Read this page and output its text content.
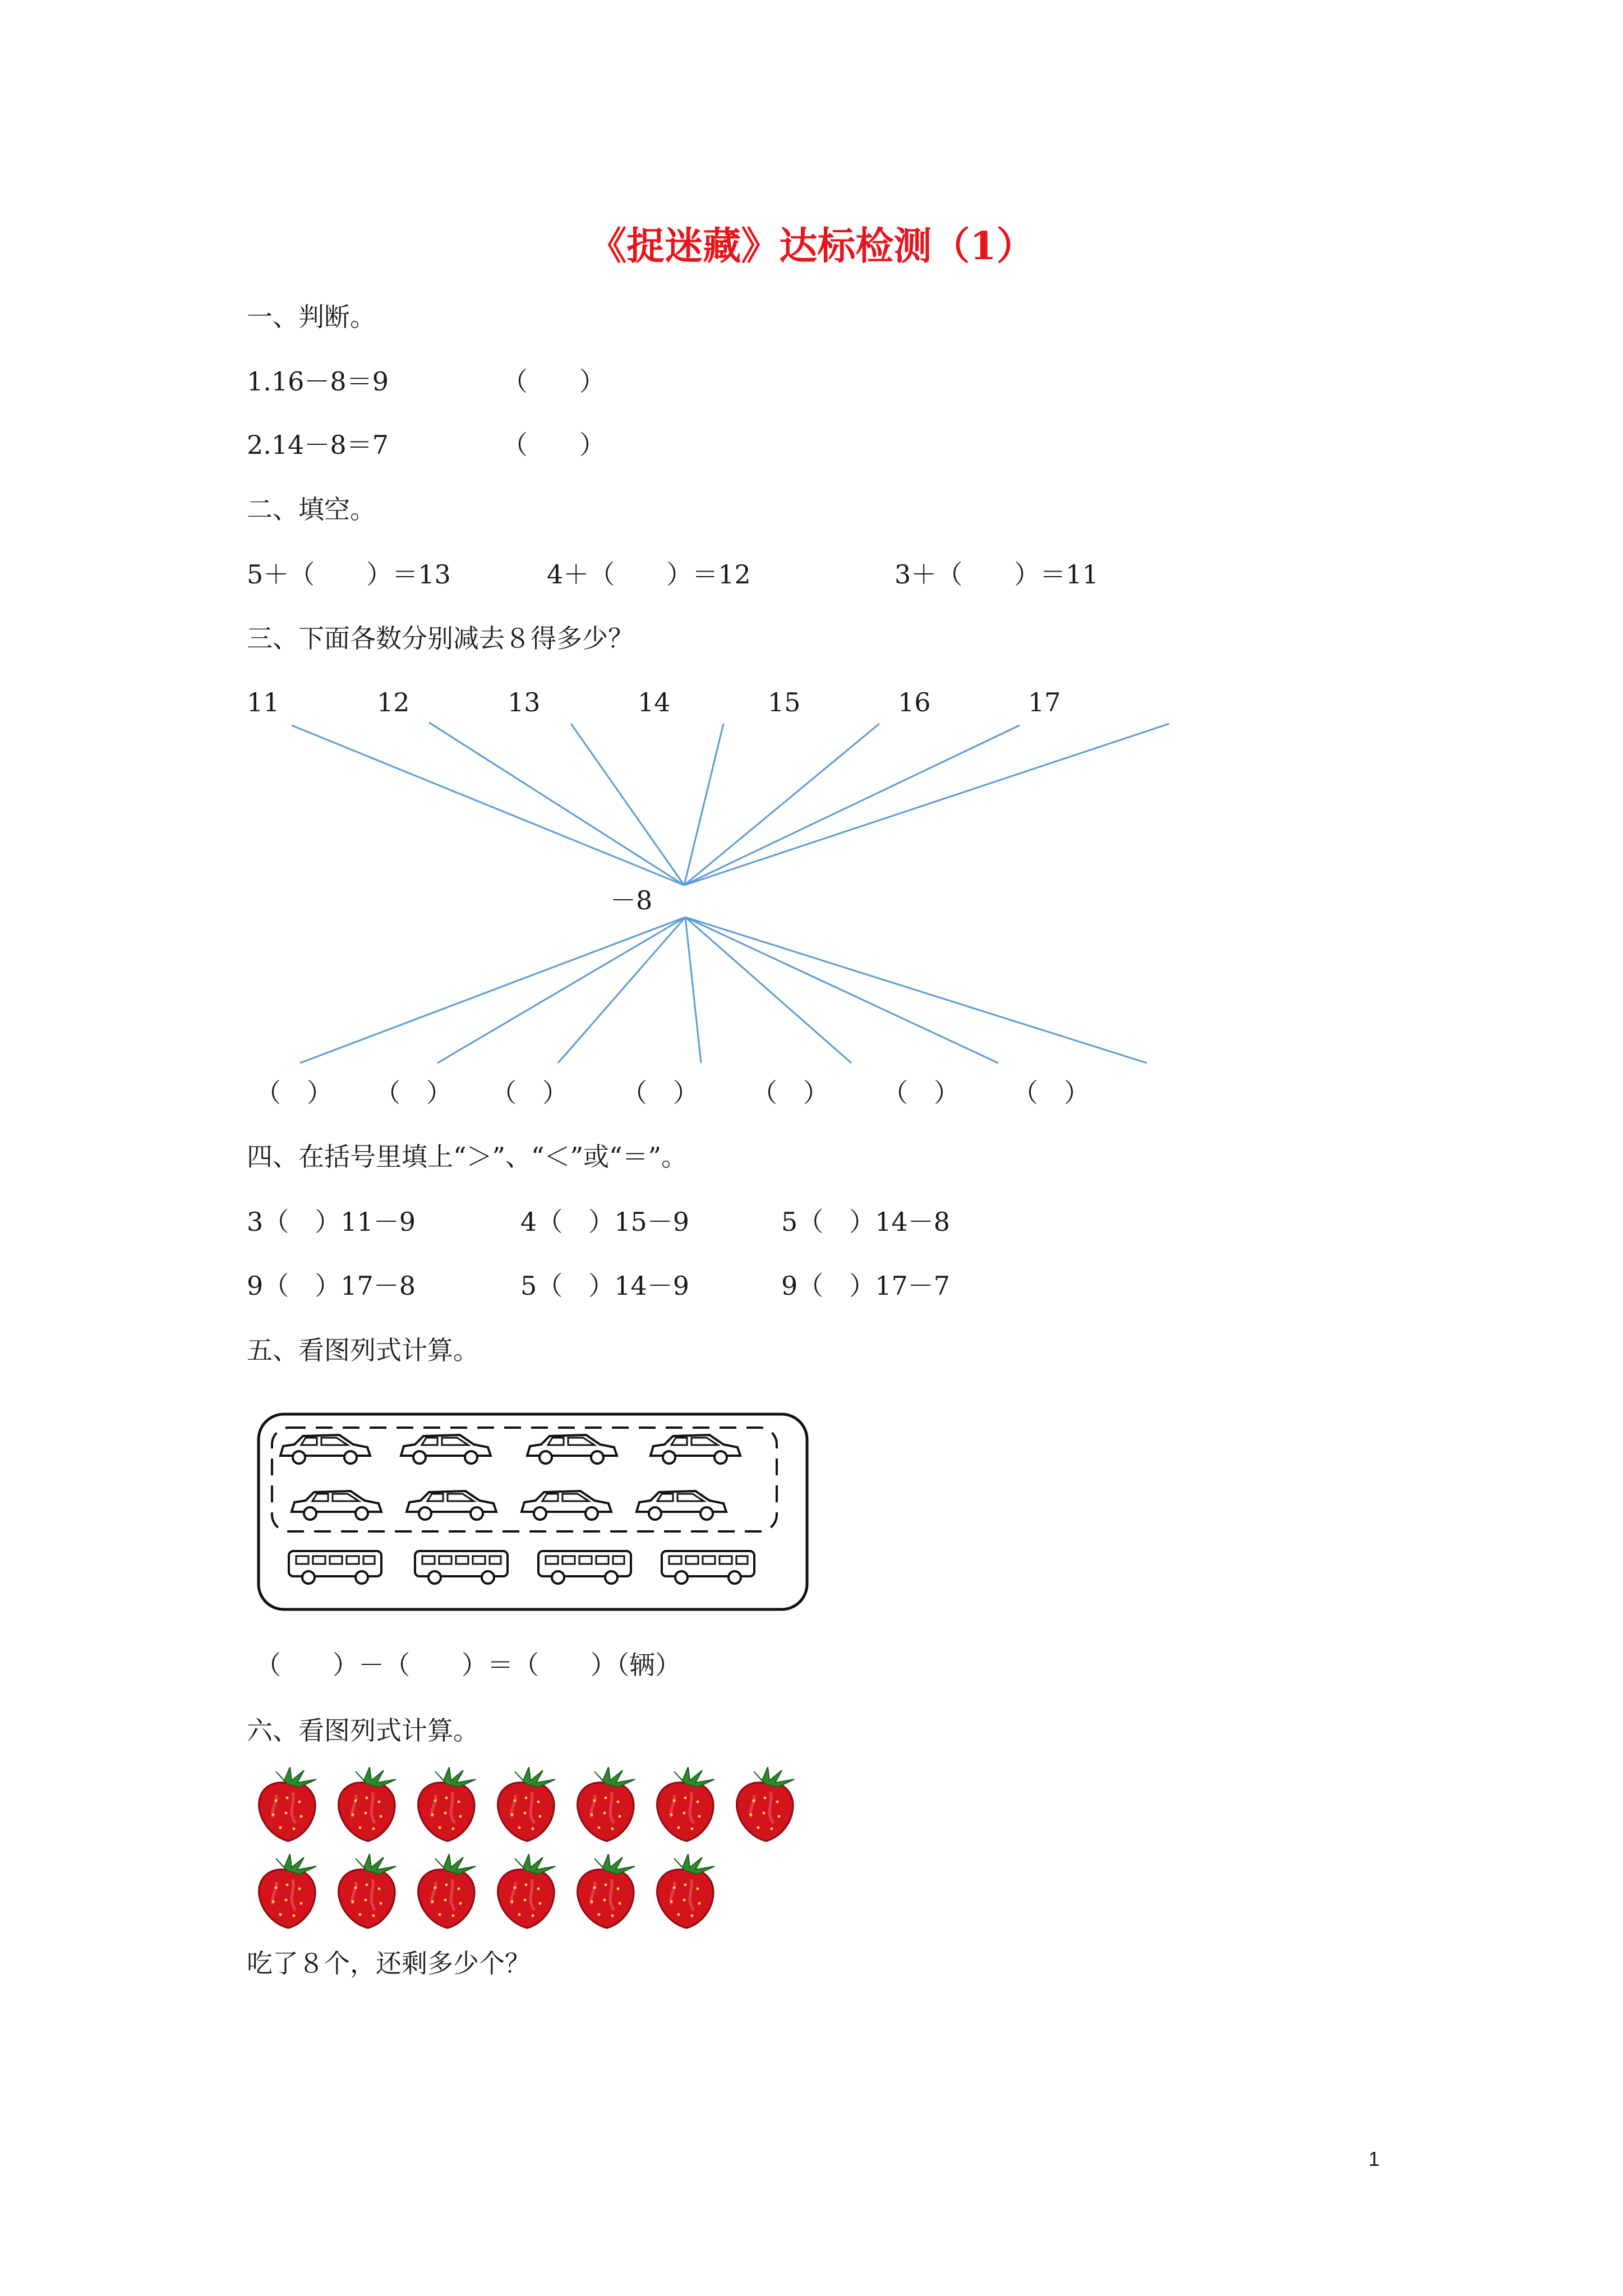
《捉迷藏》达标检测（1）
一、判断。
1.16－8＝9	（　　）
2.14－8＝7	（　　）
二、填空。
5＋（　　）＝13	4＋（　　）＝12	3＋（　　）＝11
三、下面各数分别减去８得多少？
11	12	13	14	15	16	17
－8
（　） （　） （　） （　） （　） （　） （　）
四、在括号里填上“＞”、“＜”或“＝”。
3（　）11－9	4（　）15－9	5（　）14－8
9（　）17－8	5（　）14－9	9（　）17－7
五、看图列式计算。
（　　）－（　　）＝（　　）（辆）
六、看图列式计算。
吃了８个，还剩多少个？
1
